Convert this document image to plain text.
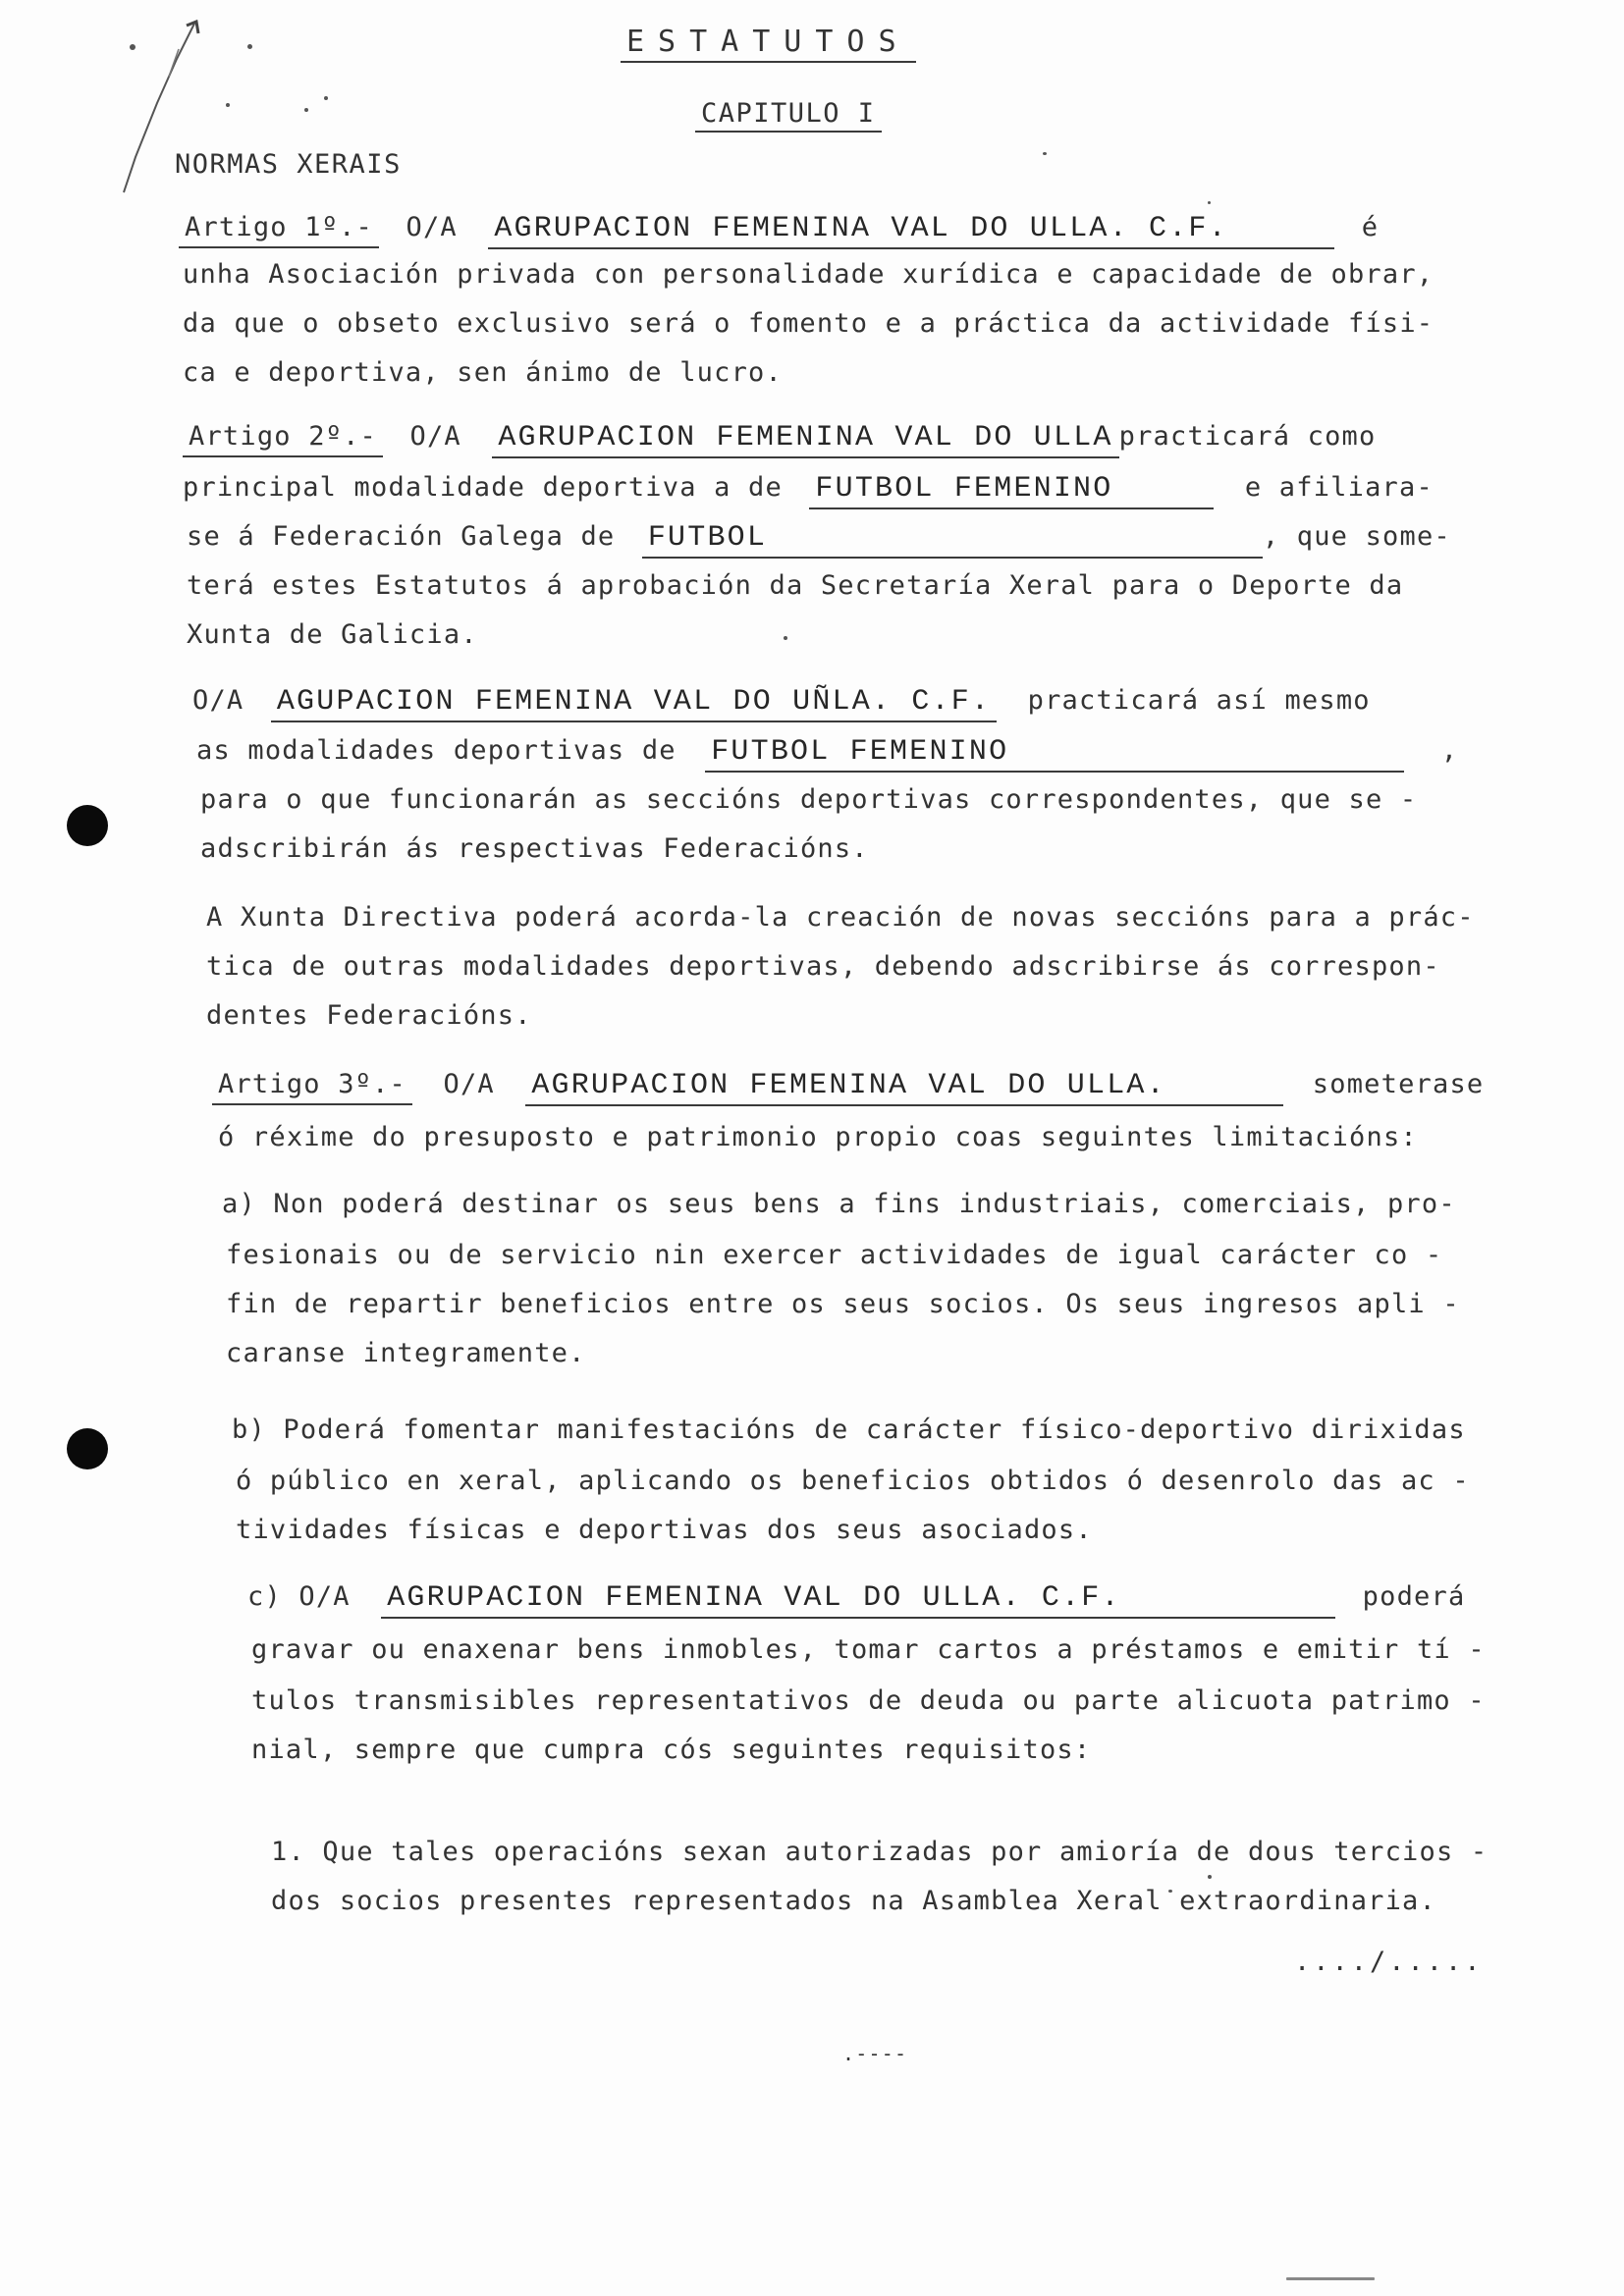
ESTATUTOS
CAPITULO I
NORMAS XERAIS
Artigo 1º.- O/A AGRUPACION FEMENINA VAL DO ULLA. C.F.	é
unha Asociación privada con personalidade xurídica e capacidade de obrar,
da que o obseto exclusivo será o fomento e a práctica da actividade físi-
ca e deportiva, sen ánimo de lucro.
Artigo 2º.- O/A AGRUPACION FEMENINA VAL DO ULLA practicará como
principal modalidade deportiva a de FUTBOL FEMENINO	e afiliara-
se á Federación Galega de FUTBOL	, que some-
terá estes Estatutos á aprobación da Secretaría Xeral para o Deporte da
Xunta de Galicia.
O/A AGUPACION FEMENINA VAL DO UÑLA. C.F. practicará así mesmo
as modalidades deportivas de FUTBOL FEMENINO	,
para o que funcionarán as seccións deportivas correspondentes, que se -
adscribirán ás respectivas Federacións.
A Xunta Directiva poderá acorda-la creación de novas seccións para a prác-
tica de outras modalidades deportivas, debendo adscribirse ás correspon-
dentes Federacións.
Artigo 3º.- O/A AGRUPACION FEMENINA VAL DO ULLA.	someterase
ó réxime do presuposto e patrimonio propio coas seguintes limitacións:
a) Non poderá destinar os seus bens a fins industriais, comerciais, pro-
fesionais ou de servicio nin exercer actividades de igual carácter co -
fin de repartir beneficios entre os seus socios. Os seus ingresos apli -
caranse integramente.
b) Poderá fomentar manifestacións de carácter físico-deportivo dirixidas
ó público en xeral, aplicando os beneficios obtidos ó desenrolo das ac -
tividades físicas e deportivas dos seus asociados.
c) O/A AGRUPACION FEMENINA VAL DO ULLA. C.F.	poderá
gravar ou enaxenar bens inmobles, tomar cartos a préstamos e emitir tí -
tulos transmisibles representativos de deuda ou parte alicuota patrimo -
nial, sempre que cumpra cós seguintes requisitos:
1. Que tales operacións sexan autorizadas por amioría de dous tercios -
dos socios presentes representados na Asamblea Xeral extraordinaria.
..../.....
.----
